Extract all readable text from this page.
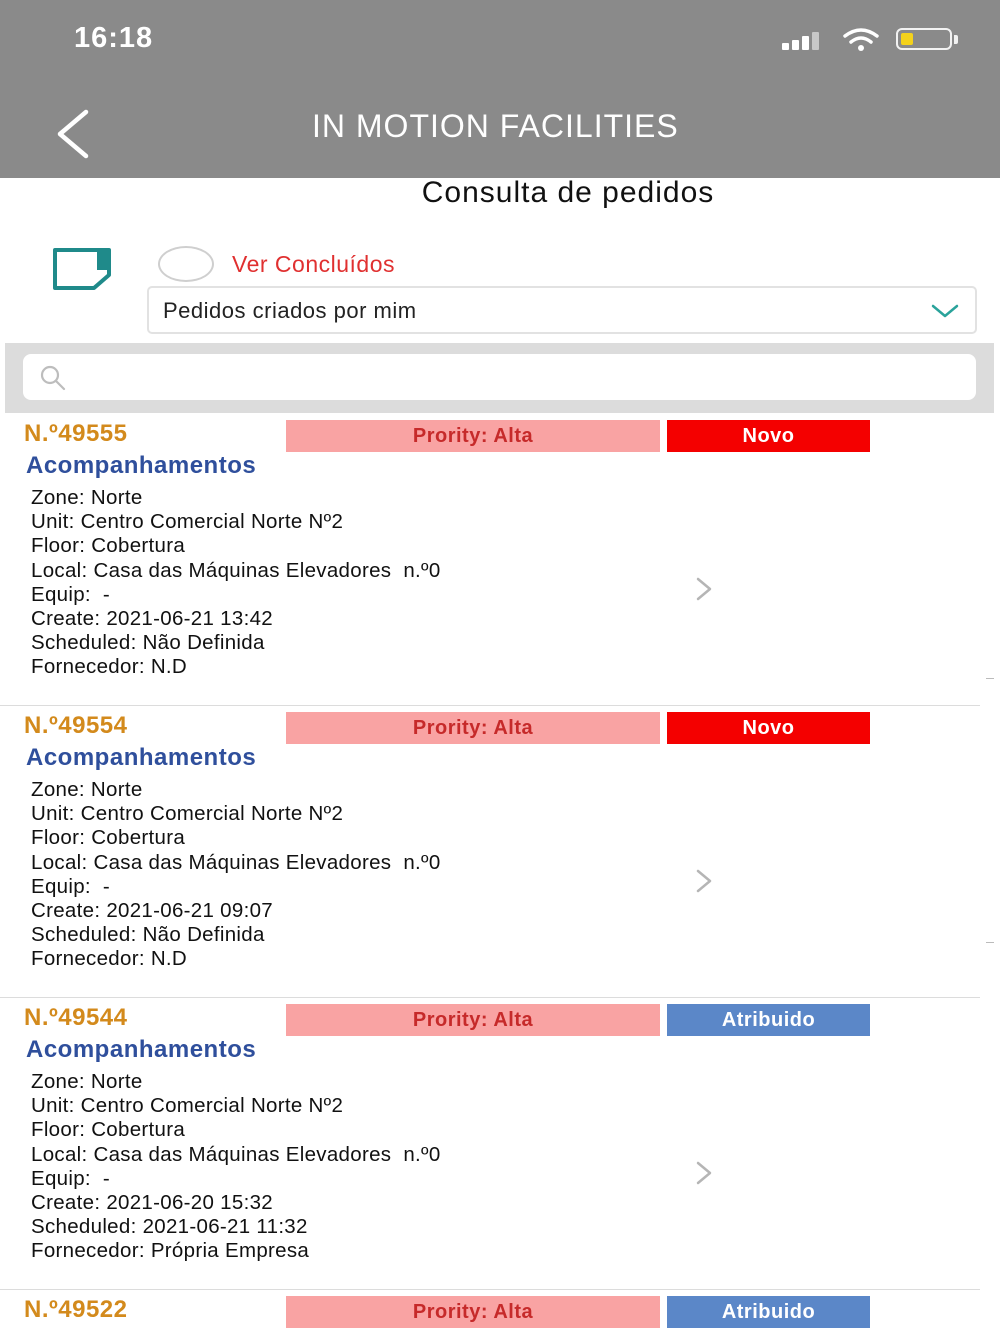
16:18
IN MOTION FACILITIES
Consulta de pedidos
Ver Concluídos
Pedidos criados por mim
N.º49555	Prority: Alta	Novo
Acompanhamentos
Zone: Norte
Unit: Centro Comercial Norte Nº2
Floor: Cobertura
Local: Casa das Máquinas Elevadores  n.º0
Equip:  -
Create: 2021-06-21 13:42
Scheduled: Não Definida
Fornecedor: N.D
N.º49554	Prority: Alta	Novo
Acompanhamentos
Zone: Norte
Unit: Centro Comercial Norte Nº2
Floor: Cobertura
Local: Casa das Máquinas Elevadores  n.º0
Equip:  -
Create: 2021-06-21 09:07
Scheduled: Não Definida
Fornecedor: N.D
N.º49544	Prority: Alta	Atribuido
Acompanhamentos
Zone: Norte
Unit: Centro Comercial Norte Nº2
Floor: Cobertura
Local: Casa das Máquinas Elevadores  n.º0
Equip:  -
Create: 2021-06-20 15:32
Scheduled: 2021-06-21 11:32
Fornecedor: Própria Empresa
N.º49522	Prority: Alta	Atribuido
